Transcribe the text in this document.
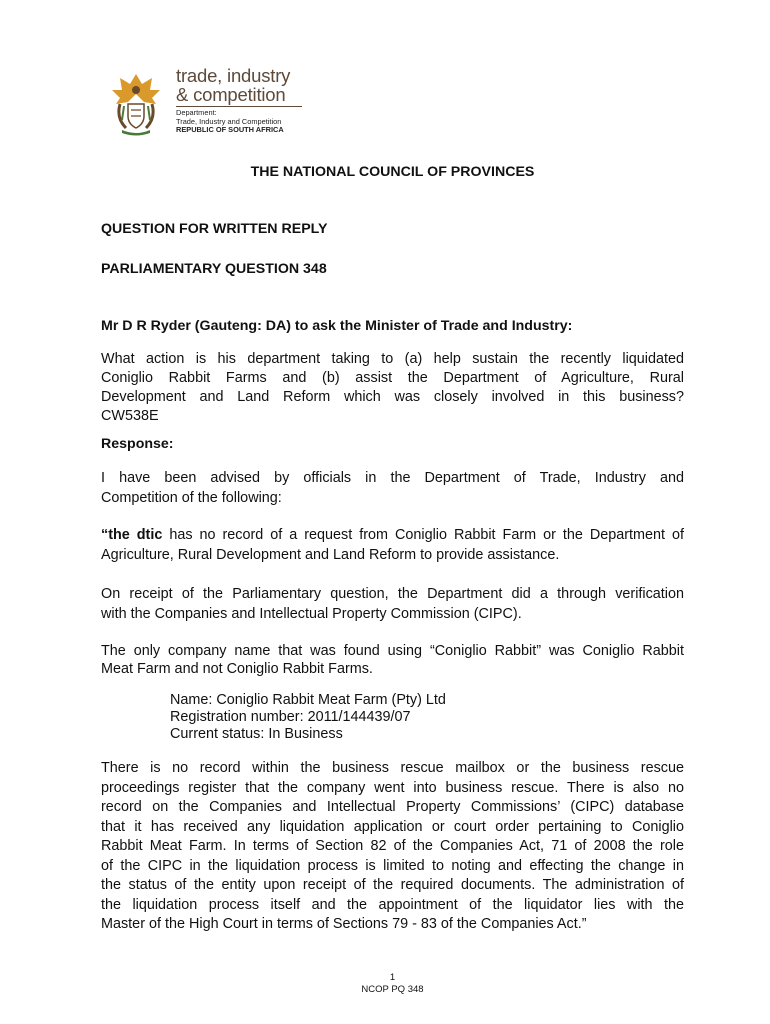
trade, industry
& competition
Department:
Trade, Industry and Competition
REPUBLIC OF SOUTH AFRICA
THE NATIONAL COUNCIL OF PROVINCES
QUESTION FOR WRITTEN REPLY
PARLIAMENTARY QUESTION 348
Mr D R Ryder (Gauteng: DA) to ask the Minister of Trade and Industry:
What action is his department taking to (a) help sustain the recently liquidated
Coniglio Rabbit Farms and (b) assist the Department of Agriculture, Rural
Development and Land Reform which was closely involved in this business?
CW538E
Response:
I have been advised by officials in the Department of Trade, Industry and
Competition of the following:
“the dtic has no record of a request from Coniglio Rabbit Farm or the Department of
Agriculture, Rural Development and Land Reform to provide assistance.
On receipt of the Parliamentary question, the Department did a through verification
with the Companies and Intellectual Property Commission (CIPC).
The only company name that was found using “Coniglio Rabbit” was Coniglio Rabbit
Meat Farm and not Coniglio Rabbit Farms.
Name: Coniglio Rabbit Meat Farm (Pty) Ltd
Registration number: 2011/144439/07
Current status: In Business
There is no record within the business rescue mailbox or the business rescue
proceedings register that the company went into business rescue. There is also no
record on the Companies and Intellectual Property Commissions’ (CIPC) database
that it has received any liquidation application or court order pertaining to Coniglio
Rabbit Meat Farm. In terms of Section 82 of the Companies Act, 71 of 2008 the role
of the CIPC in the liquidation process is limited to noting and effecting the change in
the status of the entity upon receipt of the required documents. The administration of
the liquidation process itself and the appointment of the liquidator lies with the
Master of the High Court in terms of Sections 79 - 83 of the Companies Act.”
1
NCOP PQ 348
